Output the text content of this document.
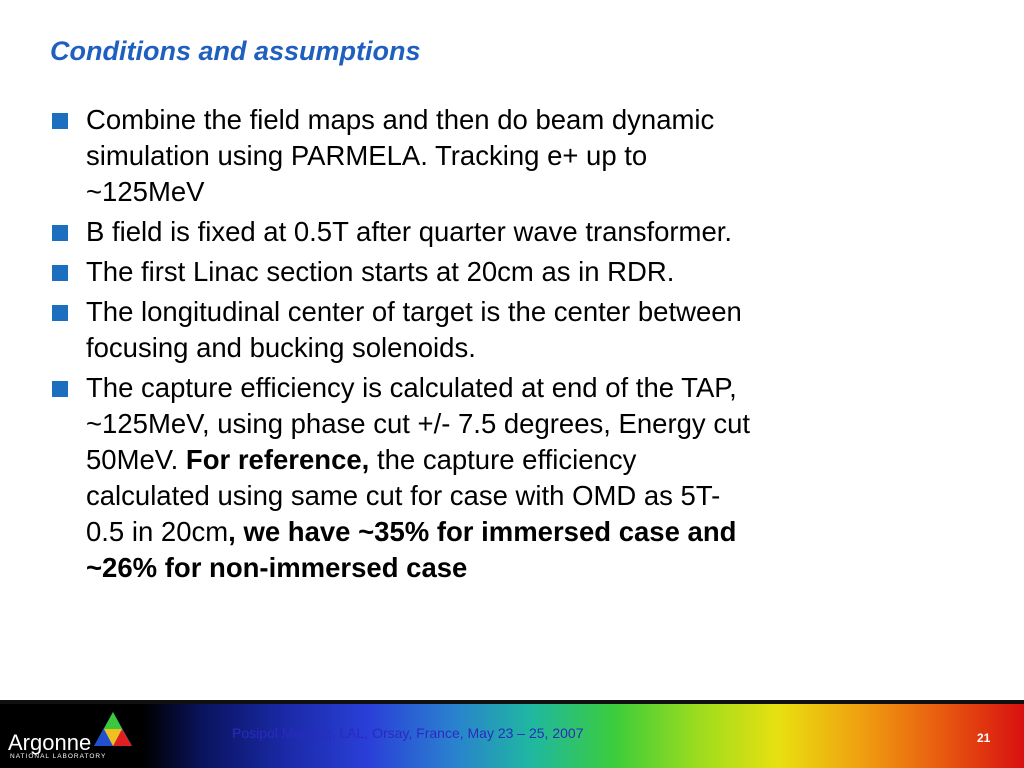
Conditions and assumptions
Combine the field maps and then do beam dynamic
simulation using PARMELA. Tracking e+ up to
~125MeV
B field is fixed at 0.5T after quarter wave transformer.
The first Linac section starts at 20cm as in RDR.
The longitudinal center of target is the center between
focusing and bucking solenoids.
The capture efficiency is calculated at end of the TAP,
~125MeV, using phase cut +/- 7.5 degrees, Energy cut
50MeV. For reference, the capture efficiency
calculated using same cut for case with OMD as 5T-
0.5 in 20cm, we have ~35% for immersed case and
~26% for non-immersed case
Argonne
NATIONAL LABORATORY
Posipol Meeting, LAL, Orsay, France, May 23 – 25, 2007	21
